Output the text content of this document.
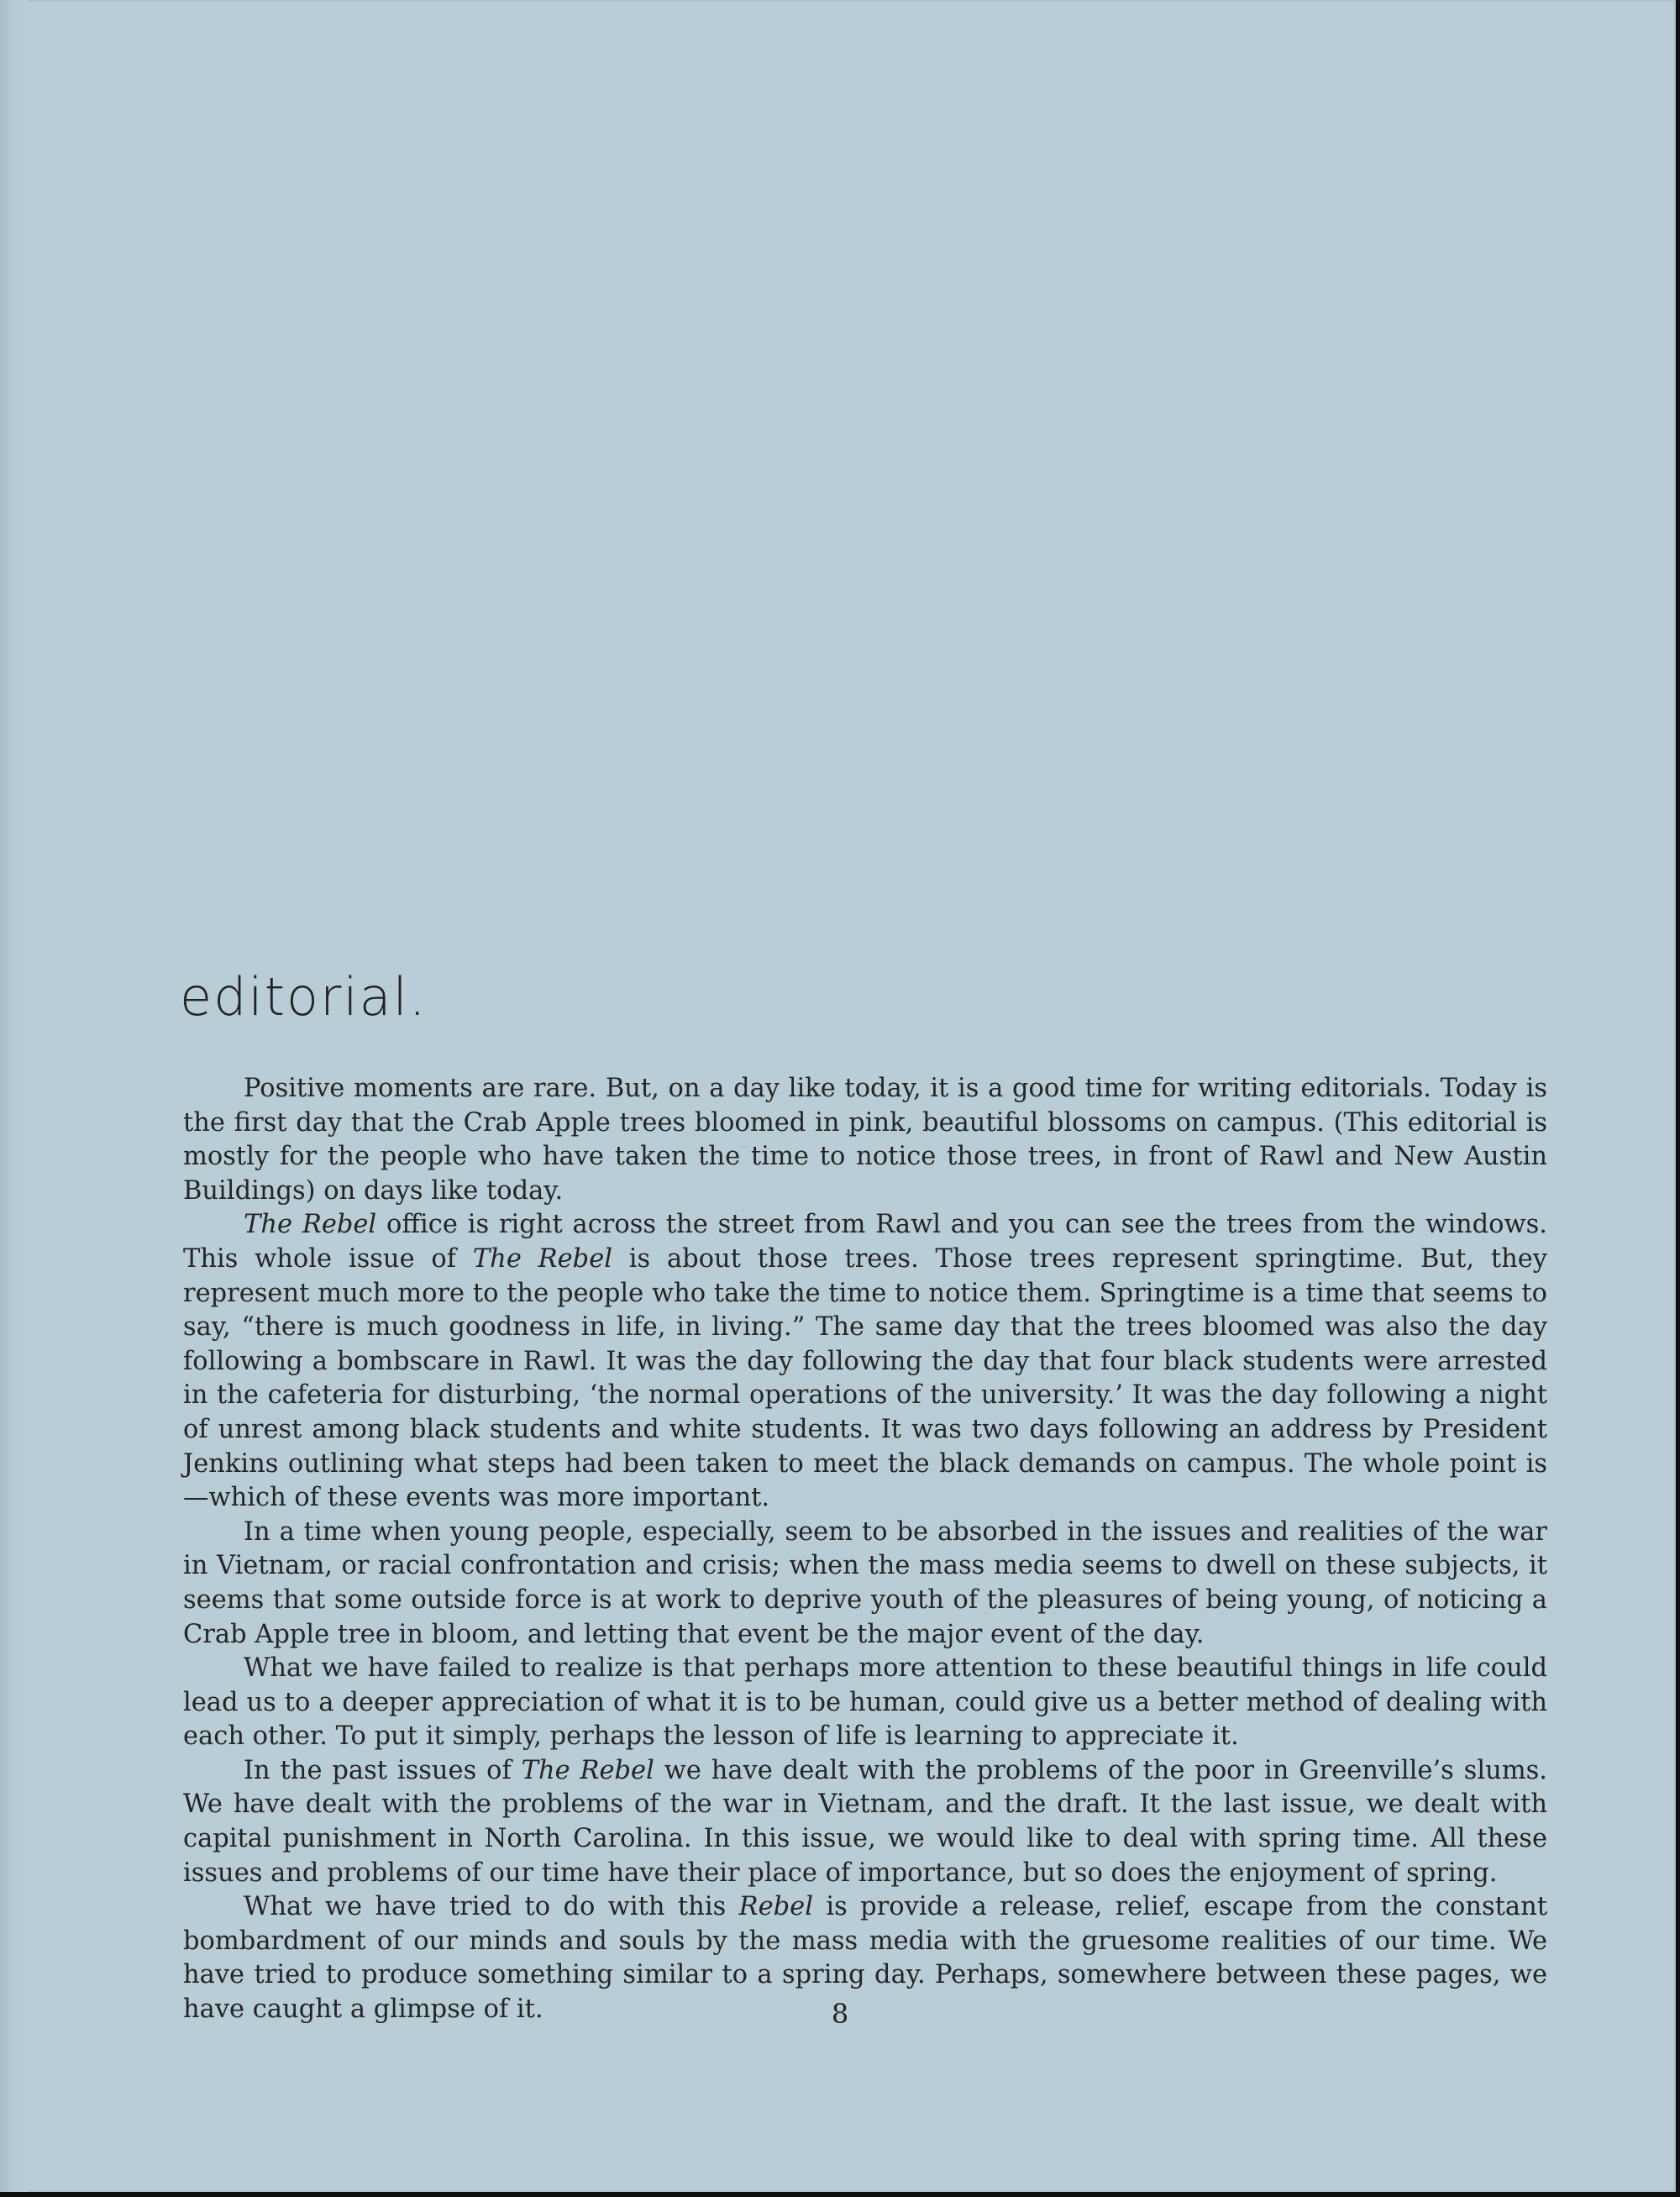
editorial.

Positive moments are rare. But, on a day like today, it is a good time for writing editorials. Today is the first day that the Crab Apple trees bloomed in pink, beautiful blossoms on campus. (This editorial is mostly for the people who have taken the time to notice those trees, in front of Rawl and New Austin Buildings) on days like today.

The Rebel office is right across the street from Rawl and you can see the trees from the windows. This whole issue of The Rebel is about those trees. Those trees represent springtime. But, they represent much more to the people who take the time to notice them. Springtime is a time that seems to say, “there is much goodness in life, in living.” The same day that the trees bloomed was also the day following a bombscare in Rawl. It was the day following the day that four black students were arrested in the cafeteria for disturbing, ‘the normal operations of the university.’ It was the day following a night of unrest among black students and white students. It was two days following an address by President Jenkins outlining what steps had been taken to meet the black demands on campus. The whole point is—which of these events was more important.

In a time when young people, especially, seem to be absorbed in the issues and realities of the war in Vietnam, or racial confrontation and crisis; when the mass media seems to dwell on these subjects, it seems that some outside force is at work to deprive youth of the pleasures of being young, of noticing a Crab Apple tree in bloom, and letting that event be the major event of the day.

What we have failed to realize is that perhaps more attention to these beautiful things in life could lead us to a deeper appreciation of what it is to be human, could give us a better method of dealing with each other. To put it simply, perhaps the lesson of life is learning to appreciate it.

In the past issues of The Rebel we have dealt with the problems of the poor in Greenville’s slums. We have dealt with the problems of the war in Vietnam, and the draft. It the last issue, we dealt with capital punishment in North Carolina. In this issue, we would like to deal with spring time. All these issues and problems of our time have their place of importance, but so does the enjoyment of spring.

What we have tried to do with this Rebel is provide a release, relief, escape from the constant bombardment of our minds and souls by the mass media with the gruesome realities of our time. We have tried to produce something similar to a spring day. Perhaps, somewhere between these pages, we have caught a glimpse of it.	8
